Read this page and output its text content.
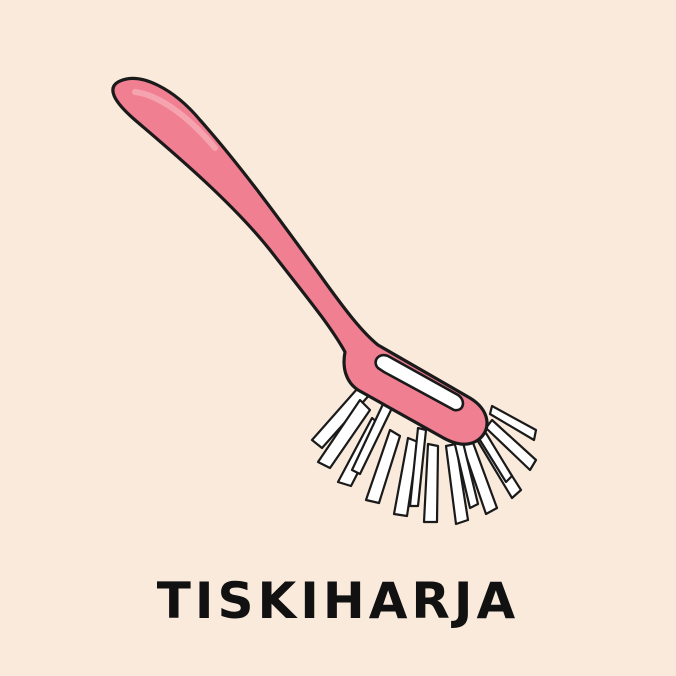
TISKIHARJA
